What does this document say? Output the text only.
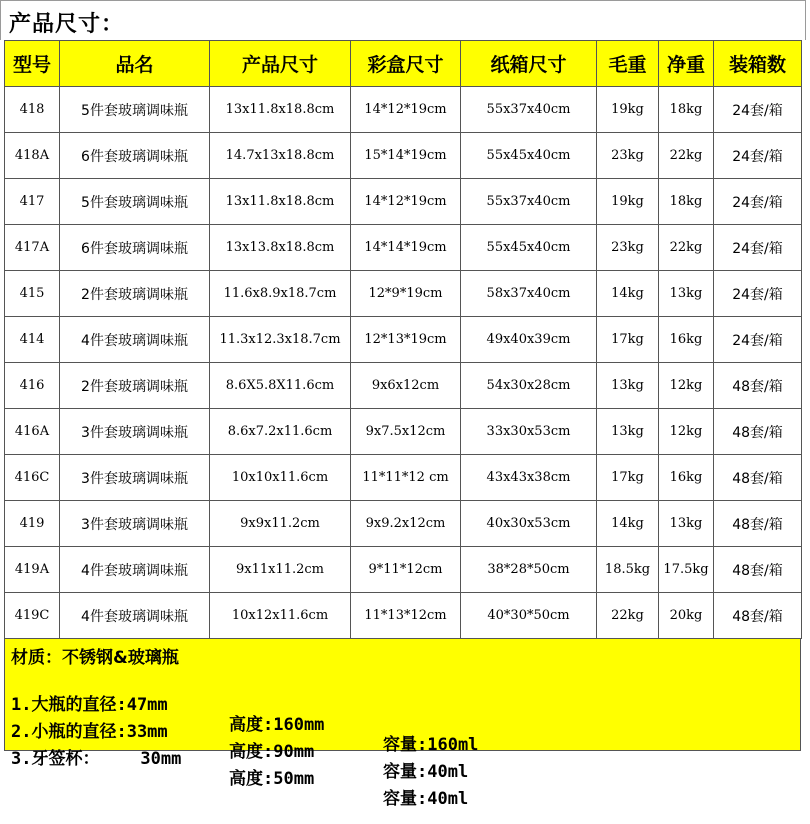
产品尺寸：
型号	品名	产品尺寸	彩盒尺寸	纸箱尺寸	毛重	净重	装箱数
418	5件套玻璃调味瓶	13x11.8x18.8cm	14*12*19cm	55x37x40cm	19kg	18kg	24套/箱
418A	6件套玻璃调味瓶	14.7x13x18.8cm	15*14*19cm	55x45x40cm	23kg	22kg	24套/箱
417	5件套玻璃调味瓶	13x11.8x18.8cm	14*12*19cm	55x37x40cm	19kg	18kg	24套/箱
417A	6件套玻璃调味瓶	13x13.8x18.8cm	14*14*19cm	55x45x40cm	23kg	22kg	24套/箱
415	2件套玻璃调味瓶	11.6x8.9x18.7cm	12*9*19cm	58x37x40cm	14kg	13kg	24套/箱
414	4件套玻璃调味瓶	11.3x12.3x18.7cm	12*13*19cm	49x40x39cm	17kg	16kg	24套/箱
416	2件套玻璃调味瓶	8.6X5.8X11.6cm	9x6x12cm	54x30x28cm	13kg	12kg	48套/箱
416A	3件套玻璃调味瓶	8.6x7.2x11.6cm	9x7.5x12cm	33x30x53cm	13kg	12kg	48套/箱
416C	3件套玻璃调味瓶	10x10x11.6cm	11*11*12 cm	43x43x38cm	17kg	16kg	48套/箱
419	3件套玻璃调味瓶	9x9x11.2cm	9x9.2x12cm	40x30x53cm	14kg	13kg	48套/箱
419A	4件套玻璃调味瓶	9x11x11.2cm	9*11*12cm	38*28*50cm	18.5kg	17.5kg	48套/箱
419C	4件套玻璃调味瓶	10x12x11.6cm	11*13*12cm	40*30*50cm	22kg	20kg	48套/箱
材质：不锈钢&玻璃瓶

1.大瓶的直径:47mm

高度:160mm

容量:160ml

2.小瓶的直径:33mm

高度:90mm

容量:40ml

3.牙签杯：    30mm

高度:50mm

容量:40ml
